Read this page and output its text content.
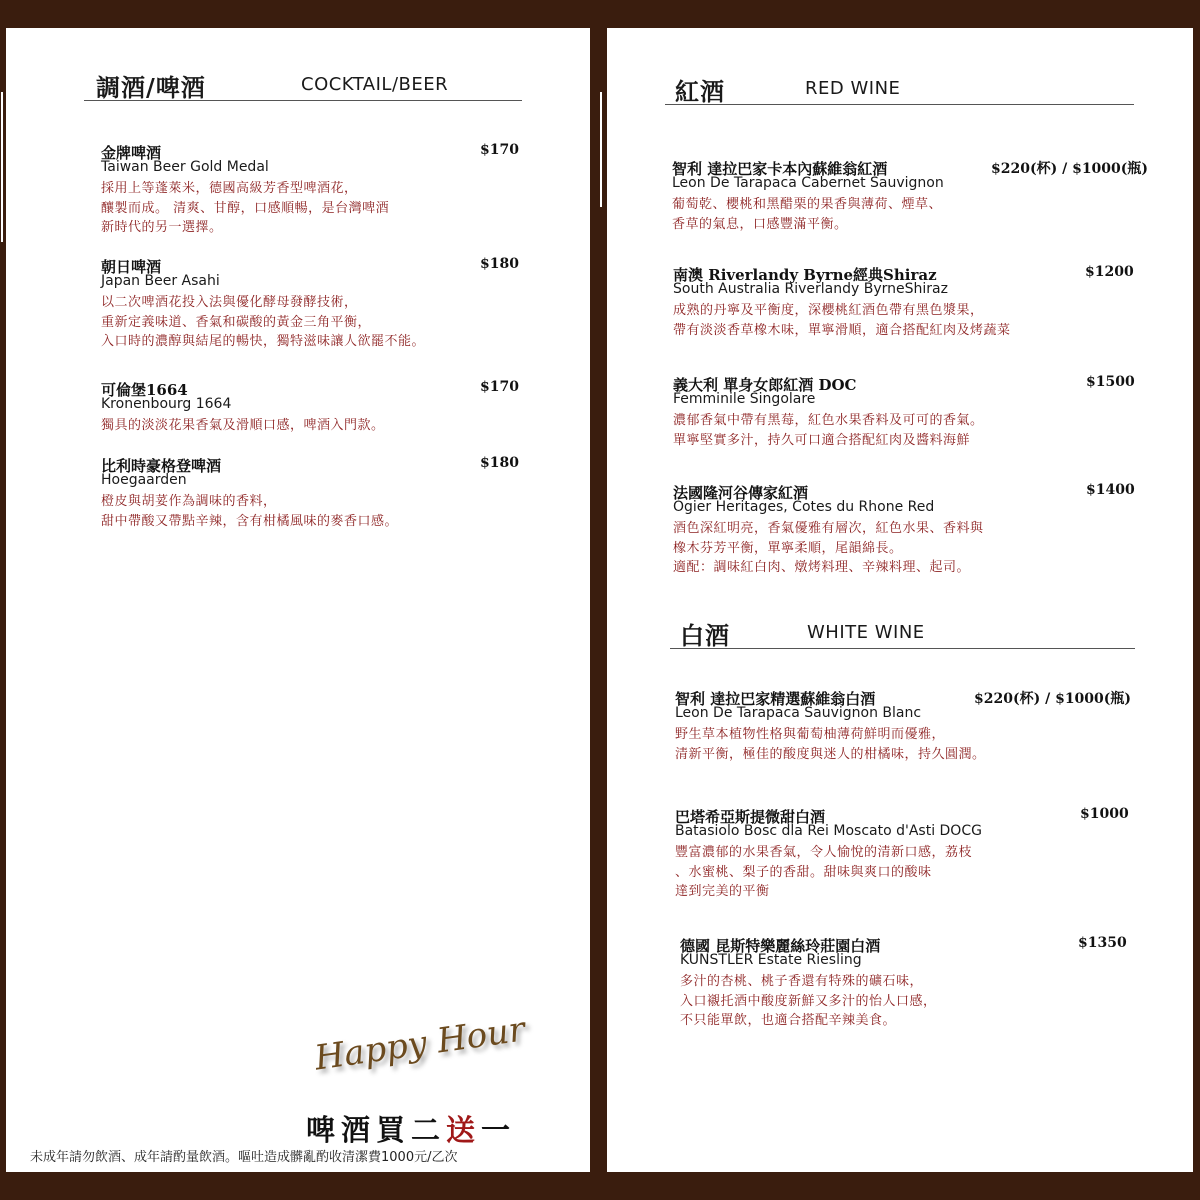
調酒/啤酒	COCKTAIL/BEER
金牌啤酒	$170
Taiwan Beer Gold Medal
採用上等蓬萊米，德國高級芳香型啤酒花，
釀製而成。 清爽、甘醇，口感順暢，是台灣啤酒
新時代的另一選擇。
朝日啤酒	$180
Japan Beer Asahi
以二次啤酒花投入法與優化酵母發酵技術，
重新定義味道、香氣和碳酸的黃金三角平衡，
入口時的濃醇與結尾的暢快，獨特滋味讓人欲罷不能。
可倫堡1664	$170
Kronenbourg 1664
獨具的淡淡花果香氣及滑順口感，啤酒入門款。
比利時豪格登啤酒	$180
Hoegaarden
橙皮與胡荽作為調味的香料，
甜中帶酸又帶點辛辣，含有柑橘風味的麥香口感。
Happy Hour
啤酒買二送一
未成年請勿飲酒、成年請酌量飲酒。嘔吐造成髒亂酌收清潔費1000元/乙次
紅酒	RED WINE
智利 達拉巴家卡本內蘇維翁紅酒	$220(杯) / $1000(瓶)
Leon De Tarapaca Cabernet Sauvignon
葡萄乾、櫻桃和黑醋栗的果香與薄荷、煙草、
香草的氣息，口感豐滿平衡。
南澳 Riverlandy Byrne經典Shiraz	$1200
South Australia Riverlandy ByrneShiraz
成熟的丹寧及平衡度，深櫻桃紅酒色帶有黑色漿果，
帶有淡淡香草橡木味，單寧滑順，適合搭配紅肉及烤蔬菜
義大利 單身女郎紅酒 DOC	$1500
Femminile Singolare
濃郁香氣中帶有黑莓，紅色水果香料及可可的香氣。
單寧堅實多汁，持久可口適合搭配紅肉及醬料海鮮
法國隆河谷傳家紅酒	$1400
Ogier Heritages, Cotes du Rhone Red
酒色深紅明亮，香氣優雅有層次，紅色水果、香料與
橡木芬芳平衡，單寧柔順，尾韻綿長。
適配：調味紅白肉、燉烤料理、辛辣料理、起司。
白酒	WHITE WINE
智利 達拉巴家精選蘇維翁白酒	$220(杯) / $1000(瓶)
Leon De Tarapaca Sauvignon Blanc
野生草本植物性格與葡萄柚薄荷鮮明而優雅，
清新平衡，極佳的酸度與迷人的柑橘味，持久圓潤。
巴塔希亞斯提微甜白酒	$1000
Batasiolo Bosc dla Rei Moscato d'Asti DOCG
豐富濃郁的水果香氣，令人愉悅的清新口感，荔枝
、水蜜桃、梨子的香甜。甜味與爽口的酸味
達到完美的平衡
德國 昆斯特樂麗絲玲莊園白酒	$1350
KUNSTLER Estate Riesling
多汁的杏桃、桃子香還有特殊的礦石味，
入口襯托酒中酸度新鮮又多汁的怡人口感，
不只能單飲，也適合搭配辛辣美食。
